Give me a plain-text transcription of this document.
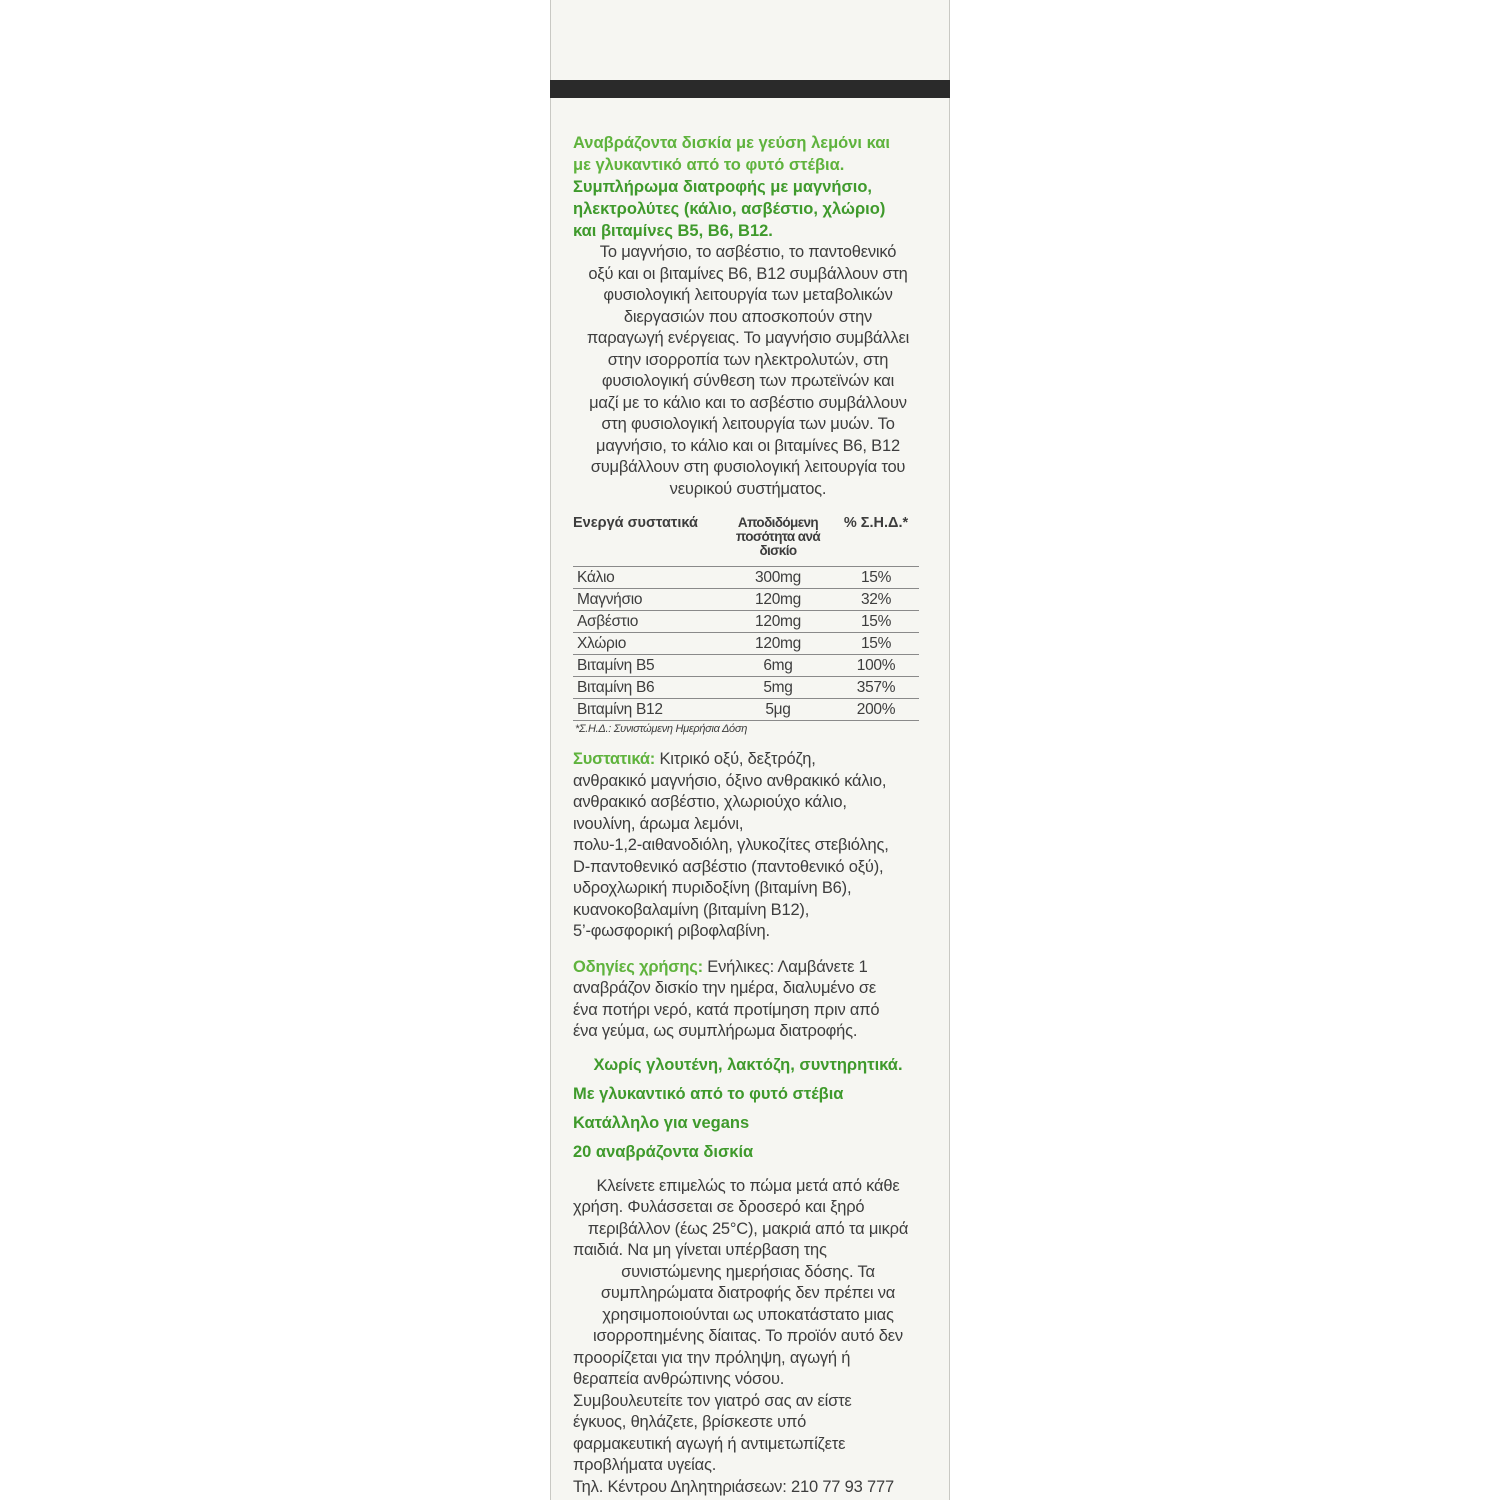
Αναβράζοντα δισκία με γεύση λεμόνι και
με γλυκαντικό από το φυτό στέβια.
Συμπλήρωμα διατροφής με μαγνήσιο,
ηλεκτρολύτες (κάλιο, ασβέστιο, χλώριο)
και βιταμίνες Β5, Β6, Β12.

Το μαγνήσιο, το ασβέστιο, το παντοθενικό
οξύ και οι βιταμίνες Β6, Β12 συμβάλλουν στη
φυσιολογική λειτουργία των μεταβολικών
διεργασιών που αποσκοπούν στην
παραγωγή ενέργειας. Το μαγνήσιο συμβάλλει
στην ισορροπία των ηλεκτρολυτών, στη
φυσιολογική σύνθεση των πρωτεϊνών και
μαζί με το κάλιο και το ασβέστιο συμβάλλουν
στη φυσιολογική λειτουργία των μυών. Το
μαγνήσιο, το κάλιο και οι βιταμίνες Β6, Β12
συμβάλλουν στη φυσιολογική λειτουργία του
νευρικού συστήματος.

Ενεργά συστατικά	Αποδιδόμενη
ποσότητα ανά δισκίο	% Σ.Η.Δ.*
Κάλιο	300mg	15%
Μαγνήσιο	120mg	32%
Ασβέστιο	120mg	15%
Χλώριο	120mg	15%
Βιταμίνη Β5	6mg	100%
Βιταμίνη Β6	5mg	357%
Βιταμίνη Β12	5μg	200%
*Σ.Η.Δ.: Συνιστώμενη Ημερήσια Δόση

Συστατικά: Κιτρικό οξύ, δεξτρόζη,
ανθρακικό μαγνήσιο, όξινο ανθρακικό κάλιο,
ανθρακικό ασβέστιο, χλωριούχο κάλιο,
ινουλίνη, άρωμα λεμόνι,
πολυ-1,2-αιθανοδιόλη, γλυκοζίτες στεβιόλης,
D-παντοθενικό ασβέστιο (παντοθενικό οξύ),
υδροχλωρική πυριδοξίνη (βιταμίνη Β6),
κυανοκοβαλαμίνη (βιταμίνη Β12),
5’-φωσφορική ριβοφλαβίνη.

Οδηγίες χρήσης: Ενήλικες: Λαμβάνετε 1
αναβράζον δισκίο την ημέρα, διαλυμένο σε
ένα ποτήρι νερό, κατά προτίμηση πριν από
ένα γεύμα, ως συμπλήρωμα διατροφής.

Χωρίς γλουτένη, λακτόζη, συντηρητικά.

Με γλυκαντικό από το φυτό στέβια

Κατάλληλο για vegans

20 αναβράζοντα δισκία

Κλείνετε επιμελώς το πώμα μετά από κάθε
χρήση. Φυλάσσεται σε δροσερό και ξηρό
περιβάλλον (έως 25°C), μακριά από τα μικρά
παιδιά. Να μη γίνεται υπέρβαση της
συνιστώμενης ημερήσιας δόσης. Τα
συμπληρώματα διατροφής δεν πρέπει να
χρησιμοποιούνται ως υποκατάστατο μιας
ισορροπημένης δίαιτας. Το προϊόν αυτό δεν
προορίζεται για την πρόληψη, αγωγή ή
θεραπεία ανθρώπινης νόσου.
Συμβουλευτείτε τον γιατρό σας αν είστε
έγκυος, θηλάζετε, βρίσκεστε υπό
φαρμακευτική αγωγή ή αντιμετωπίζετε
προβλήματα υγείας.
Τηλ. Κέντρου Δηλητηριάσεων: 210 77 93 777
